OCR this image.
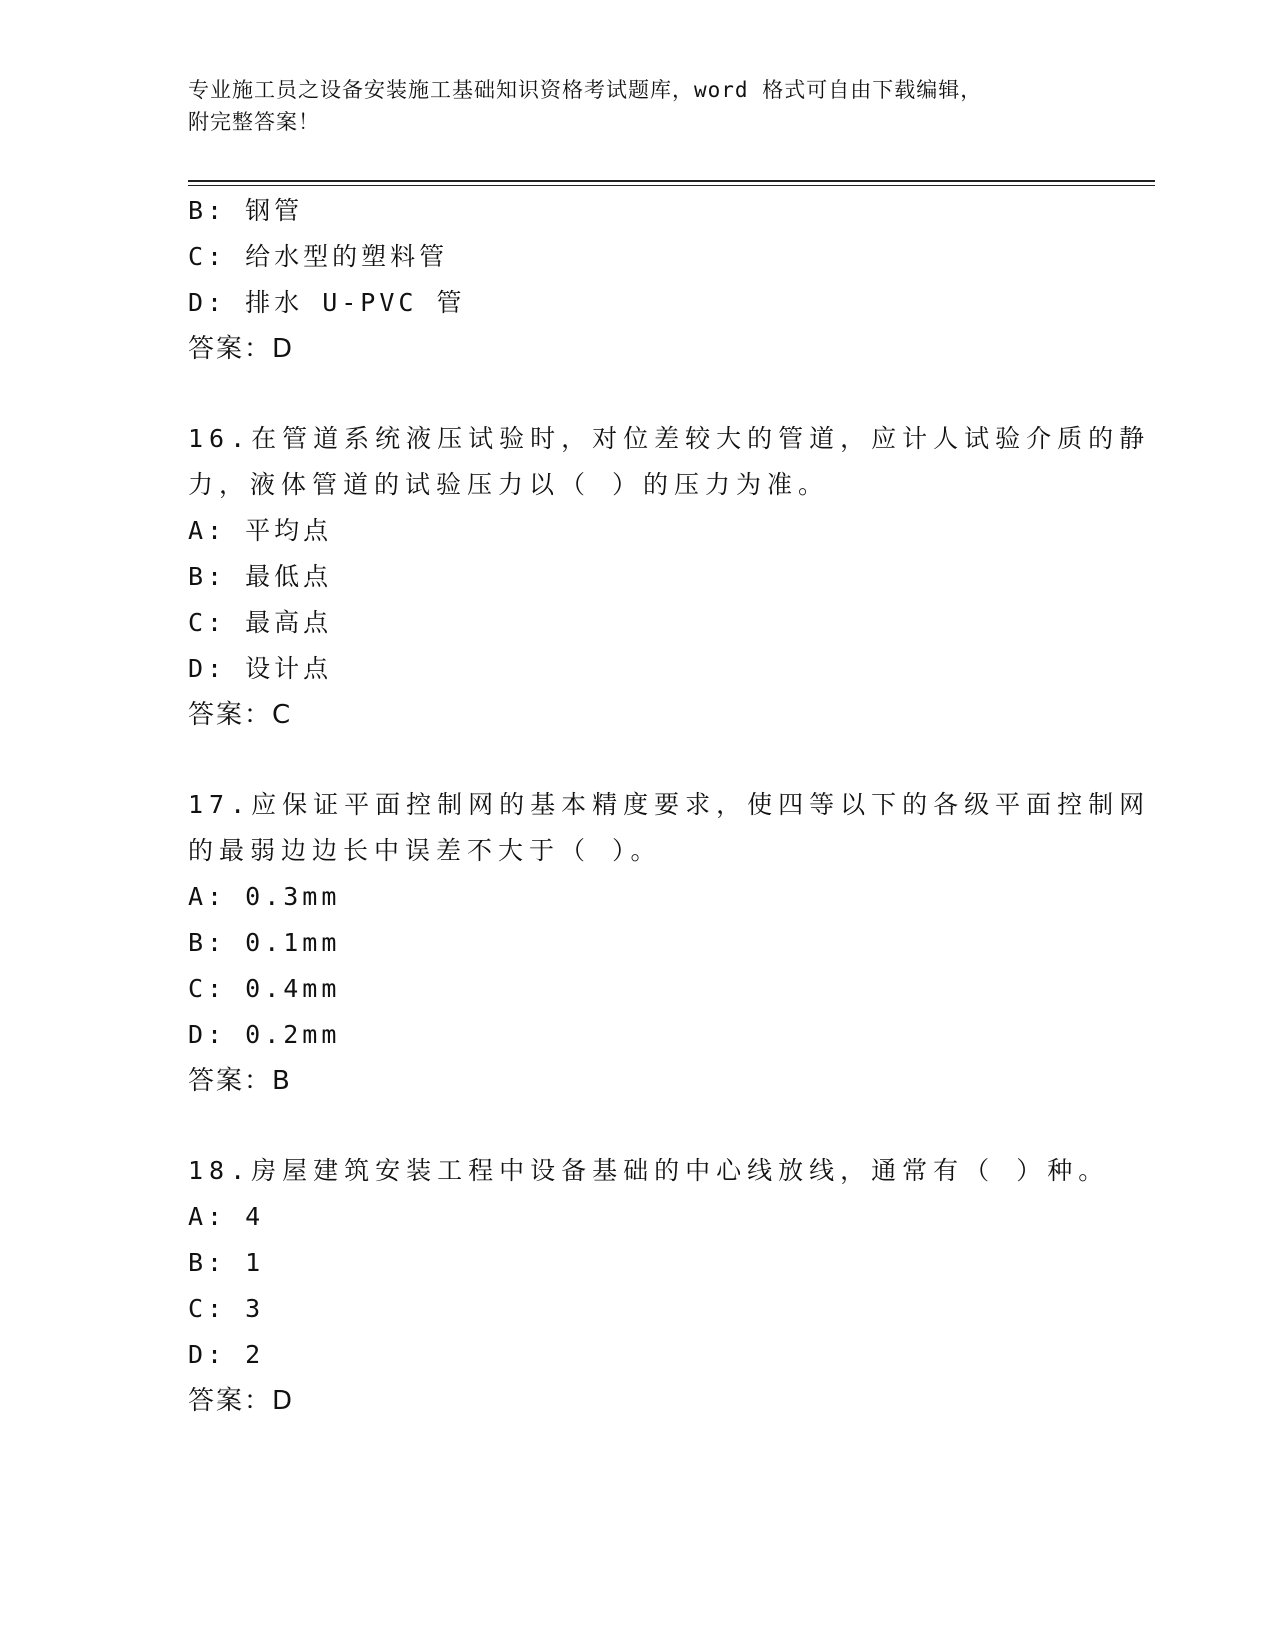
专业施工员之设备安装施工基础知识资格考试题库，word 格式可自由下载编辑，
附完整答案！
B: 钢管
C: 给水型的塑料管
D: 排水 U-PVC 管
答案：D
16.在管道系统液压试验时，对位差较大的管道，应计人试验介质的静
力，液体管道的试验压力以（ ）的压力为准。
A: 平均点
B: 最低点
C: 最高点
D: 设计点
答案：C
17.应保证平面控制网的基本精度要求，使四等以下的各级平面控制网
的最弱边边长中误差不大于（ ）。
A: 0.3mm
B: 0.1mm
C: 0.4mm
D: 0.2mm
答案：B
18.房屋建筑安装工程中设备基础的中心线放线，通常有（ ）种。
A: 4
B: 1
C: 3
D: 2
答案：D
